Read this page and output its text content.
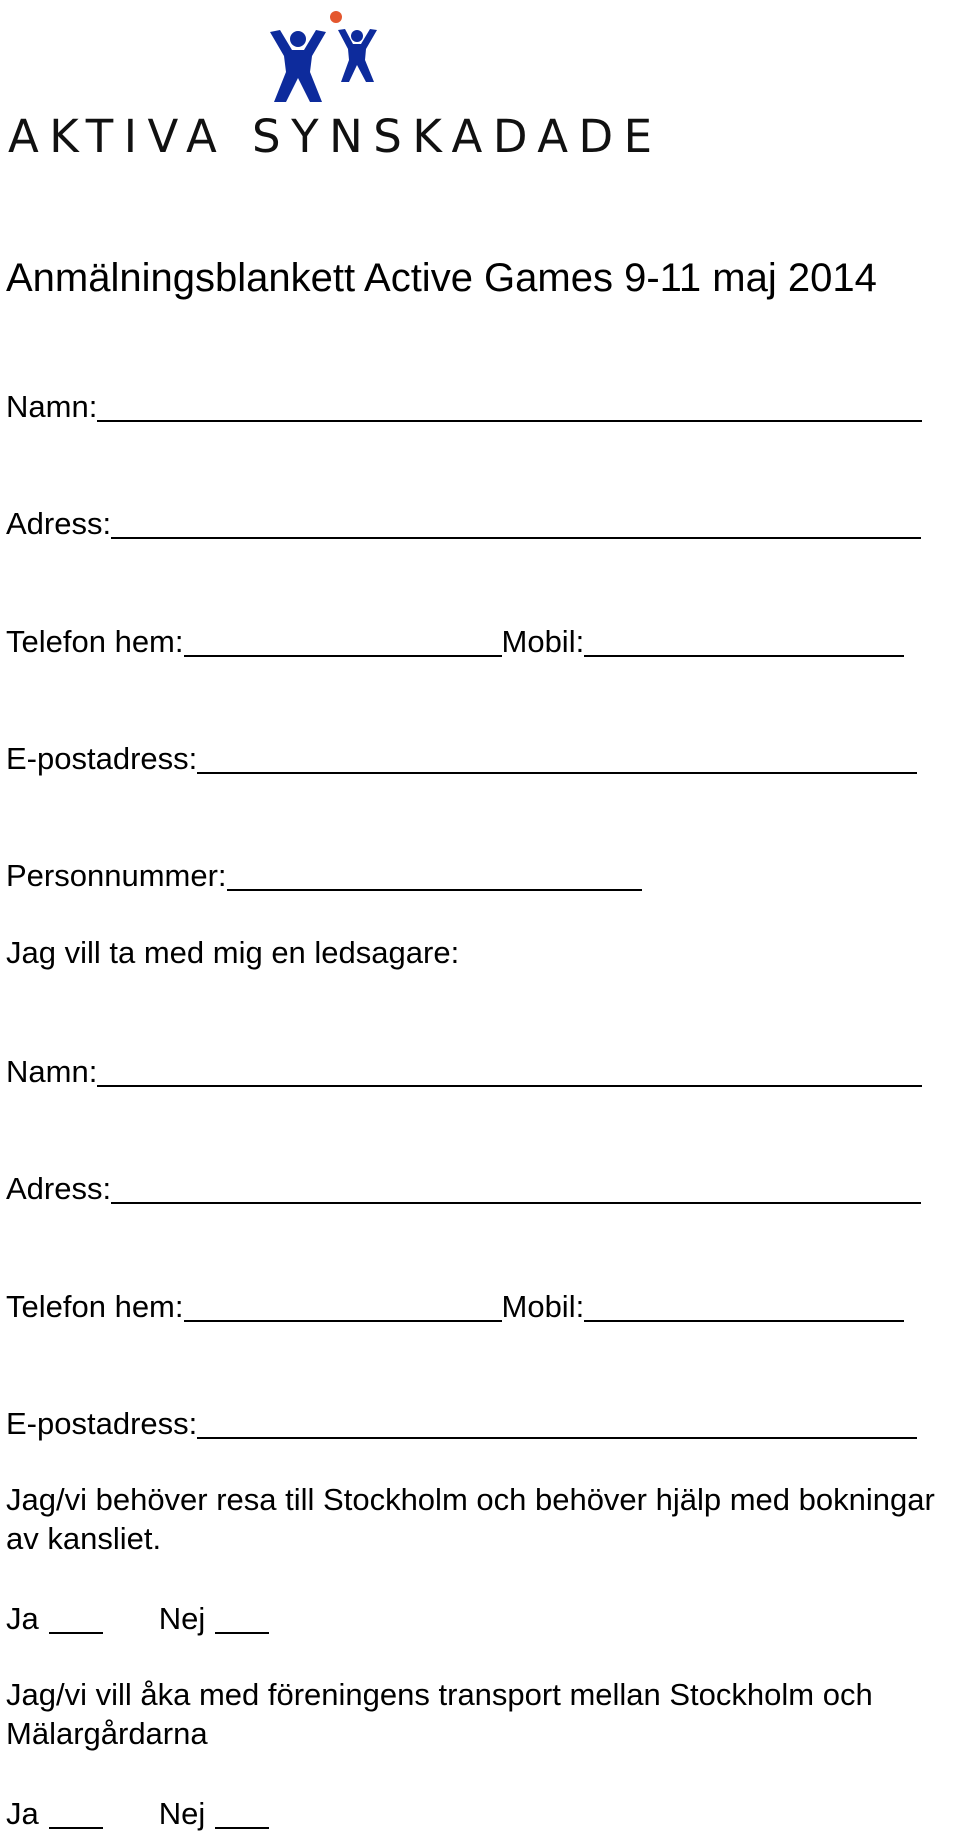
AKTIVA SYNSKADADE
Anmälningsblankett Active Games 9-11 maj 2014
Namn:
Adress:
Telefon hem:	Mobil:
E-postadress:
Personnummer:
Jag vill ta med mig en ledsagare:
Namn:
Adress:
Telefon hem:	Mobil:
E-postadress:
Jag/vi behöver resa till Stockholm och behöver hjälp med bokningar av kansliet.
Ja	Nej
Jag/vi vill åka med föreningens transport mellan Stockholm och Mälargårdarna
Ja	Nej
